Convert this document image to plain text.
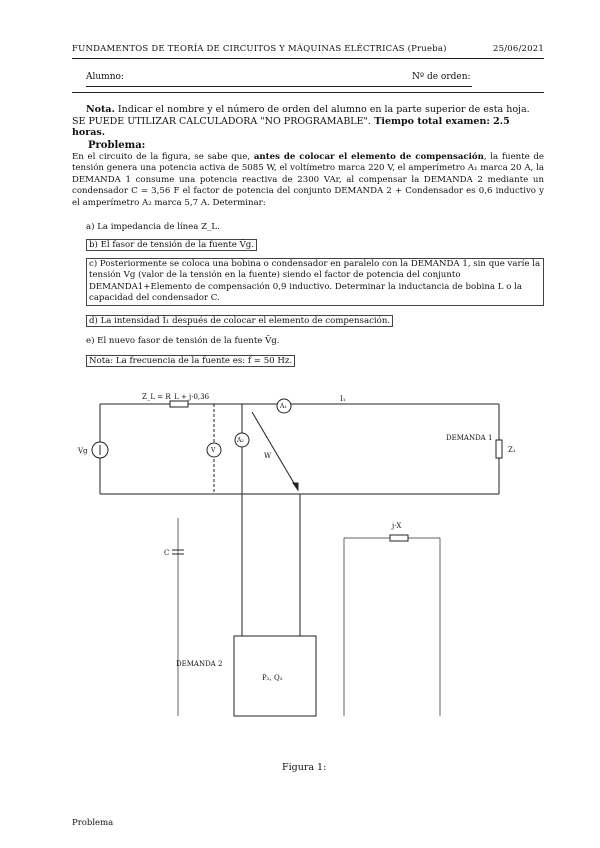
FUNDAMENTOS DE TEORÍA DE CIRCUITOS Y MÁQUINAS ELÉCTRICAS (Prueba)	25/06/2021
Alumno:	Nº de orden:
Nota. Indicar el nombre y el número de orden del alumno en la parte superior de esta hoja.
SE PUEDE UTILIZAR CALCULADORA "NO PROGRAMABLE". Tiempo total examen: 2.5 horas.
Problema:
En el circuito de la figura, se sabe que, antes de colocar el elemento de compensación, la fuente de tensión genera una potencia activa de 5085 W, el voltímetro marca 220 V, el amperímetro A₁ marca 20 A, la DEMANDA 1 consume una potencia reactiva de 2300 VAr, al compensar la DEMANDA 2 mediante un condensador C = 3,56 F el factor de potencia del conjunto DEMANDA 2 + Condensador es 0,6 inductivo y el amperímetro A₂ marca 5,7 A. Determinar:
a) La impedancia de línea Z_L.
b) El fasor de tensión de la fuente Ṽg.
c) Posteriormente se coloca una bobina o condensador en paralelo con la DEMANDA 1, sin que varíe la tensión Vg (valor de la tensión en la fuente) siendo el factor de potencia del conjunto DEMANDA1+Elemento de compensación 0,9 inductivo. Determinar la inductancia de bobina L o la capacidad del condensador C.
d) La intensidad Ī₁ después de colocar el elemento de compensación.
e) El nuevo fasor de tensión de la fuente Ṽg.
Nota: La frecuencia de la fuente es: f = 50 Hz.
Vg
Z_L = R_L + j·0,36
A₁
I₁
V
A₂
W
DEMANDA 1
Z₁
C
DEMANDA 2
P₂, Q₂
j·X
Figura 1:
Problema
